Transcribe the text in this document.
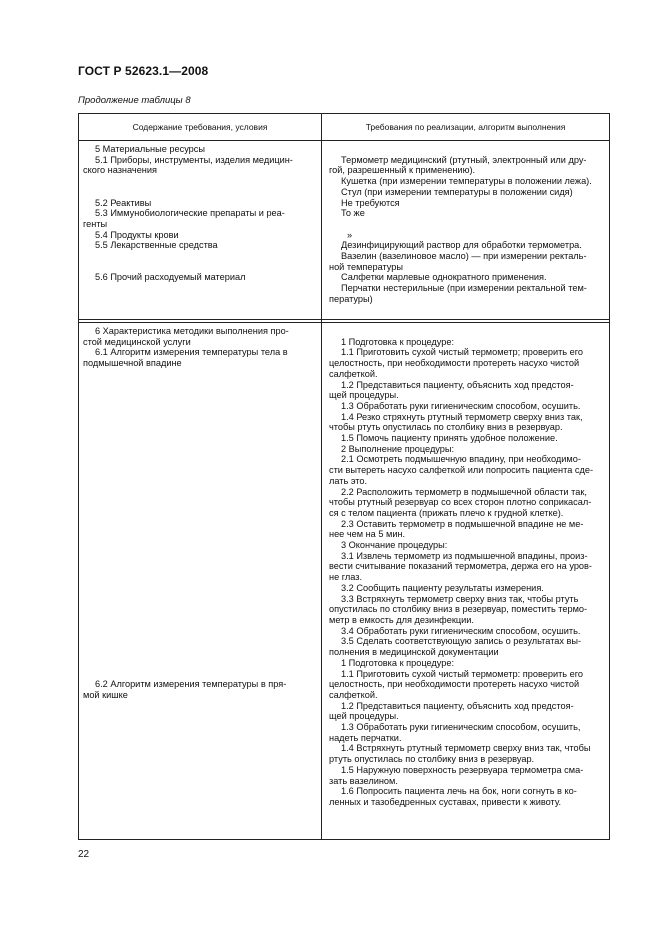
ГОСТ Р 52623.1—2008
Продолжение таблицы 8
Содержание требования, условия	Требования по реализации, алгоритм выполнения

5 Материальные ресурсы

5.1 Приборы, инструменты, изделия медицин-

ского назначения

5.2 Реактивы

5.3 Иммунобиологические препараты и реа-

генты

5.4 Продукты крови

5.5 Лекарственные средства

5.6 Прочий расходуемый материал

Термометр медицинский (ртутный, электронный или дру-

гой, разрешенный к применению).

Кушетка (при измерении температуры в положении лежа).

Стул (при измерении температуры в положении сидя)

Не требуются

То же

»

Дезинфицирующий раствор для обработки термометра.

Вазелин (вазелиновое масло) — при измерении ректаль-

ной температуры

Салфетки марлевые однократного применения.

Перчатки нестерильные (при измерении ректальной тем-

пературы)

6 Характеристика методики выполнения про-

стой медицинской услуги

6.1 Алгоритм измерения температуры тела в

подмышечной впадине

6.2 Алгоритм измерения температуры в пря-

мой кишке

1 Подготовка к процедуре:

1.1 Приготовить сухой чистый термометр; проверить его

целостность, при необходимости протереть насухо чистой

салфеткой.

1.2 Представиться пациенту, объяснить ход предстоя-

щей процедуры.

1.3 Обработать руки гигиеническим способом, осушить.

1.4 Резко стряхнуть ртутный термометр сверху вниз так,

чтобы ртуть опустилась по столбику вниз в резервуар.

1.5 Помочь пациенту принять удобное положение.

2 Выполнение процедуры:

2.1 Осмотреть подмышечную впадину, при необходимо-

сти вытереть насухо салфеткой или попросить пациента сде-

лать это.

2.2 Расположить термометр в подмышечной области так,

чтобы ртутный резервуар со всех сторон плотно соприкасал-

ся с телом пациента (прижать плечо к грудной клетке).

2.3 Оставить термометр в подмышечной впадине не ме-

нее чем на 5 мин.

3 Окончание процедуры:

3.1 Извлечь термометр из подмышечной впадины, произ-

вести считывание показаний термометра, держа его на уров-

не глаз.

3.2 Сообщить пациенту результаты измерения.

3.3 Встряхнуть термометр сверху вниз так, чтобы ртуть

опустилась по столбику вниз в резервуар, поместить термо-

метр в емкость для дезинфекции.

3.4 Обработать руки гигиеническим способом, осушить.

3.5 Сделать соответствующую запись о результатах вы-

полнения в медицинской документации

1 Подготовка к процедуре:

1.1 Приготовить сухой чистый термометр: проверить его

целостность, при необходимости протереть насухо чистой

салфеткой.

1.2 Представиться пациенту, объяснить ход предстоя-

щей процедуры.

1.3 Обработать руки гигиеническим способом, осушить,

надеть перчатки.

1.4 Встряхнуть ртутный термометр сверху вниз так, чтобы

ртуть опустилась по столбику вниз в резервуар.

1.5 Наружную поверхность резервуара термометра сма-

зать вазелином.

1.6 Попросить пациента лечь на бок, ноги согнуть в ко-

ленных и тазобедренных суставах, привести к животу.

22
